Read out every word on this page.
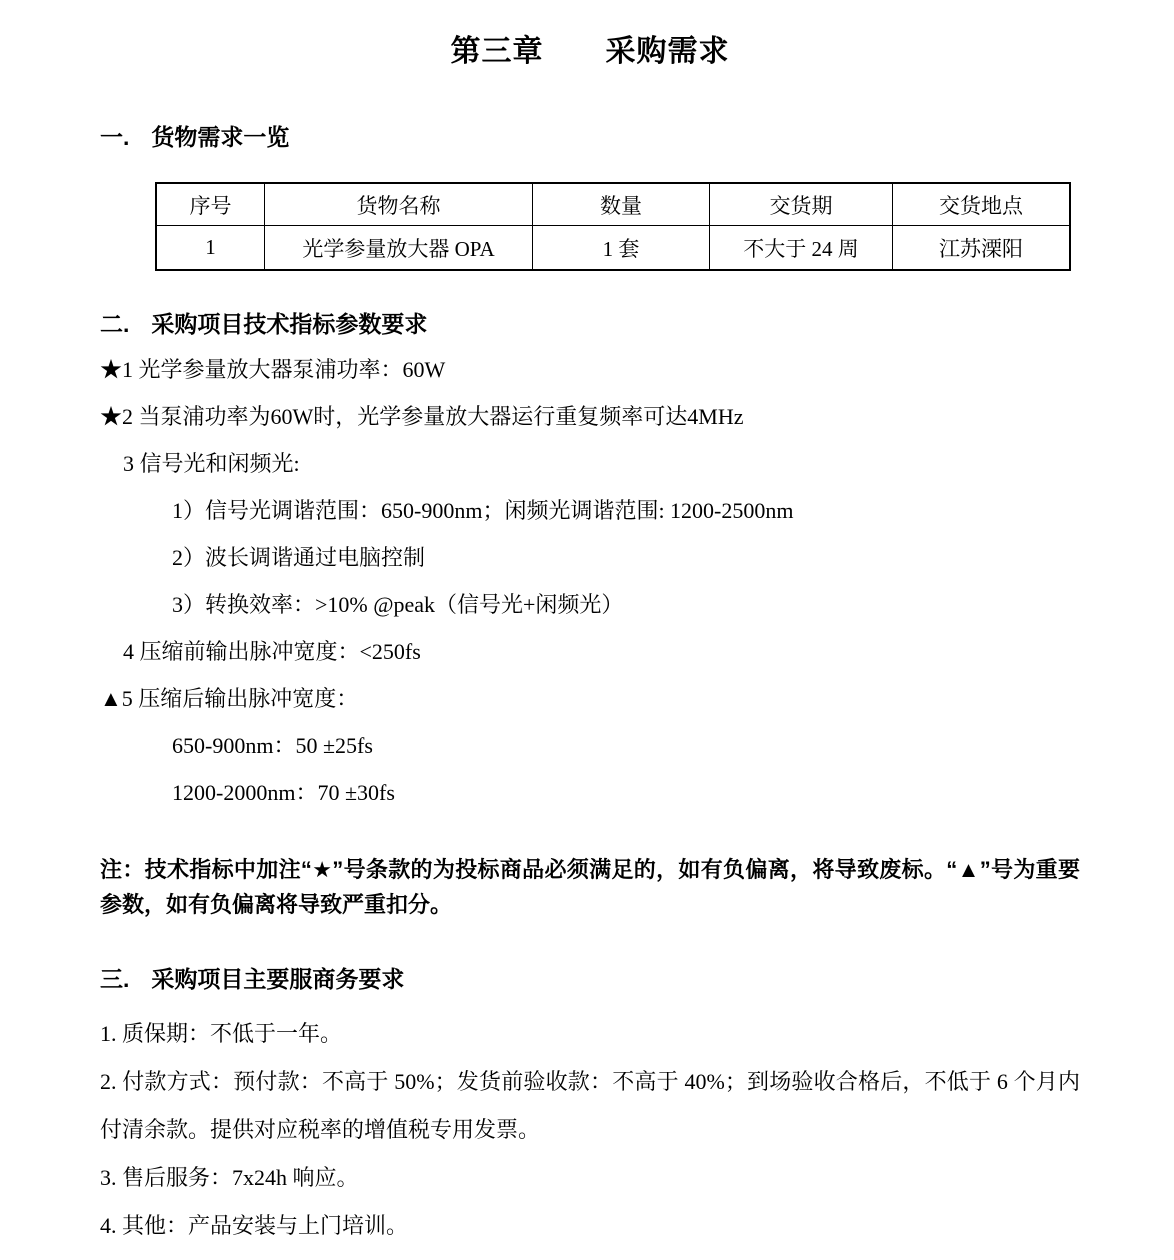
第三章　　采购需求
一. 货物需求一览
序号	货物名称	数量	交货期	交货地点
1	光学参量放大器 OPA	1 套	不大于 24 周	江苏溧阳
二. 采购项目技术指标参数要求
★1 光学参量放大器泵浦功率：60W
★2 当泵浦功率为60W时，光学参量放大器运行重复频率可达4MHz
3 信号光和闲频光:
1）信号光调谐范围：650-900nm；闲频光调谐范围: 1200-2500nm
2）波长调谐通过电脑控制
3）转换效率：>10% @peak（信号光+闲频光）
4 压缩前输出脉冲宽度：<250fs
▲5 压缩后输出脉冲宽度：
650-900nm：50 ±25fs
1200-2000nm：70 ±30fs

注：技术指标中加注“★”号条款的为投标商品必须满足的，如有负偏离，将导致废标。“▲”号为重要参数，如有负偏离将导致严重扣分。

三. 采购项目主要服商务要求

1. 质保期：不低于一年。

2. 付款方式：预付款：不高于 50%；发货前验收款：不高于 40%；到场验收合格后，不低于 6 个月内付清余款。提供对应税率的增值税专用发票。

3. 售后服务：7x24h 响应。

4. 其他：产品安装与上门培训。
